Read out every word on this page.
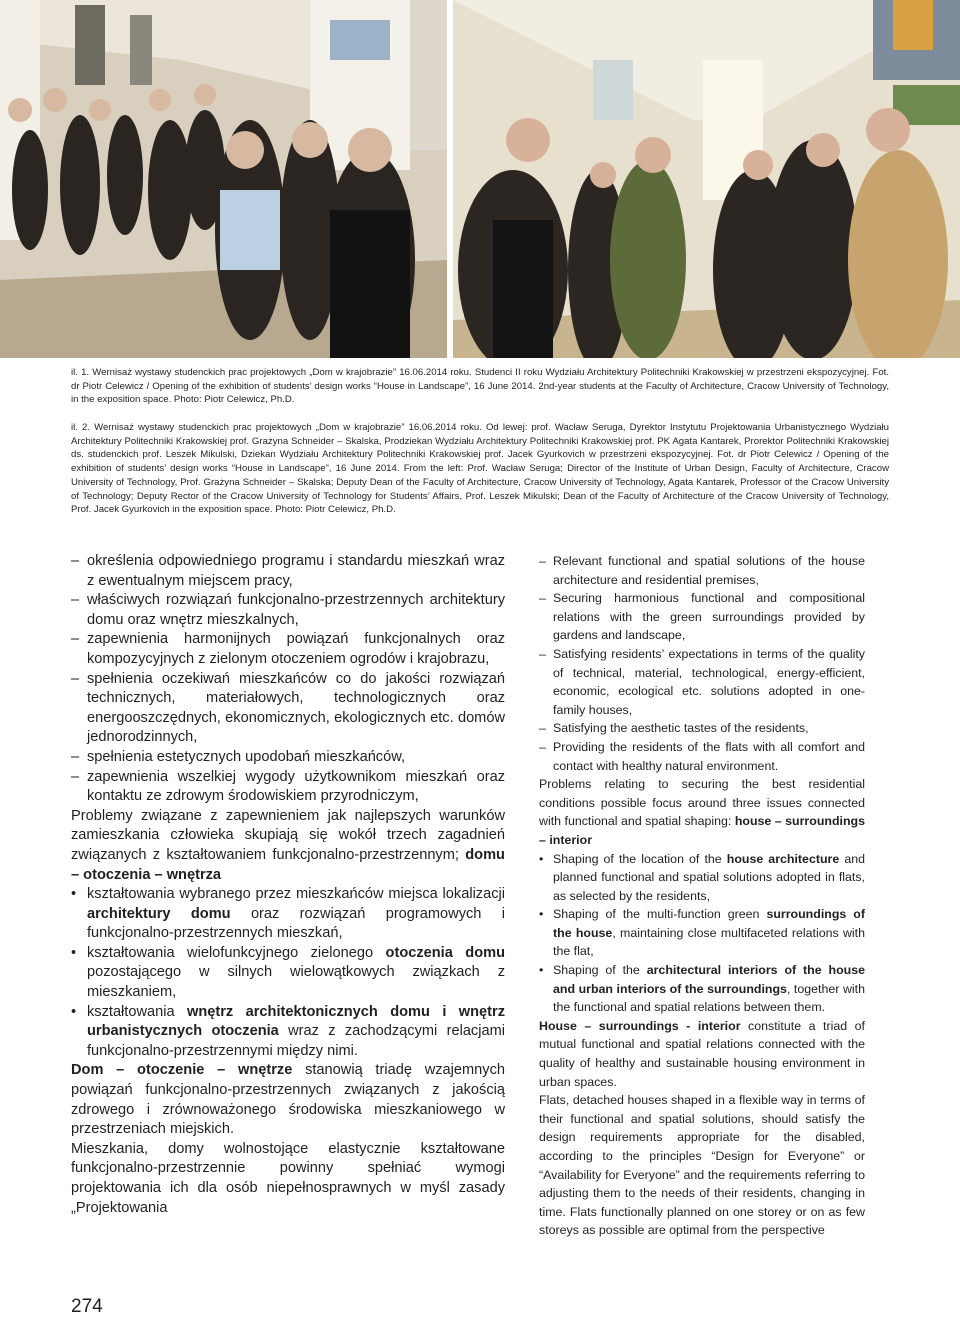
il. 1. Wernisaż wystawy studenckich prac projektowych „Dom w krajobrazie” 16.06.2014 roku. Studenci II roku Wydziału Architektury Politechniki Krakowskiej w przestrzeni ekspozycyjnej. Fot. dr Piotr Celewicz / Opening of the exhibition of students’ design works “House in Landscape”, 16 June 2014. 2nd-year students at the Faculty of Architecture, Cracow University of Technology, in the exposition space. Photo: Piotr Celewicz, Ph.D.
il. 2. Wernisaż wystawy studenckich prac projektowych „Dom w krajobrazie” 16.06.2014 roku. Od lewej: prof. Wacław Seruga, Dyrektor Instytutu Projektowania Urbanistycznego Wydziału Architektury Politechniki Krakowskiej prof. Grażyna Schneider – Skalska, Prodziekan Wydziału Architektury Politechniki Krakowskiej prof. PK Agata Kantarek, Prorektor Politechniki Krakowskiej ds. studenckich prof. Leszek Mikulski, Dziekan Wydziału Architektury Politechniki Krakowskiej prof. Jacek Gyurkovich w przestrzeni ekspozycyjnej. Fot. dr Piotr Celewicz / Opening of the exhibition of students’ design works “House in Landscape”, 16 June 2014. From the left: Prof. Wacław Seruga; Director of the Institute of Urban Design, Faculty of Architecture, Cracow University of Technology, Prof. Grażyna Schneider – Skalska; Deputy Dean of the Faculty of Architecture, Cracow University of Technology, Agata Kantarek, Professor of the Cracow University of Technology; Deputy Rector of the Cracow University of Technology for Students’ Affairs, Prof. Leszek Mikulski; Dean of the Faculty of Architecture of the Cracow University of Technology, Prof. Jacek Gyurkovich in the exposition space. Photo: Piotr Celewicz, Ph.D.
– określenia odpowiedniego programu i standardu mieszkań wraz z ewentualnym miejscem pracy,
– właściwych rozwiązań funkcjonalno-przestrzennych architektury domu oraz wnętrz mieszkalnych,
– zapewnienia harmonijnych powiązań funkcjonalnych oraz kompozycyjnych z zielonym otoczeniem ogrodów i krajobrazu,
– spełnienia oczekiwań mieszkańców co do jakości rozwiązań technicznych, materiałowych, technologicznych oraz energooszczędnych, ekonomicznych, ekologicznych etc. domów jednorodzinnych,
– spełnienia estetycznych upodobań mieszkańców,
– zapewnienia wszelkiej wygody użytkownikom mieszkań oraz kontaktu ze zdrowym środowiskiem przyrodniczym,

Problemy związane z zapewnieniem jak najlepszych warunków zamieszkania człowieka skupiają się wokół trzech zagadnień związanych z kształtowaniem funkcjonalno-przestrzennym; domu – otoczenia – wnętrza

• kształtowania wybranego przez mieszkańców miejsca lokalizacji architektury domu oraz rozwiązań programowych i funkcjonalno-przestrzennych mieszkań,
• kształtowania wielofunkcyjnego zielonego otoczenia domu pozostającego w silnych wielowątkowych związkach z mieszkaniem,
• kształtowania wnętrz architektonicznych domu i wnętrz urbanistycznych otoczenia wraz z zachodzącymi relacjami funkcjonalno-przestrzennymi między nimi.

Dom – otoczenie – wnętrze stanowią triadę wzajemnych powiązań funkcjonalno-przestrzennych związanych z jakością zdrowego i zrównoważonego środowiska mieszkaniowego w przestrzeniach miejskich.

Mieszkania, domy wolnostojące elastycznie kształtowane funkcjonalno-przestrzennie powinny spełniać wymogi projektowania ich dla osób niepełnosprawnych w myśl zasady „Projektowania

– Relevant functional and spatial solutions of the house architecture and residential premises,
– Securing harmonious functional and compositional relations with the green surroundings provided by gardens and landscape,
– Satisfying residents’ expectations in terms of the quality of technical, material, technological, energy-efficient, economic, ecological etc. solutions adopted in one-family houses,
– Satisfying the aesthetic tastes of the residents,
– Providing the residents of the flats with all comfort and contact with healthy natural environment.

Problems relating to securing the best residential conditions possible focus around three issues connected with functional and spatial shaping: house – surroundings – interior

• Shaping of the location of the house architecture and planned functional and spatial solutions adopted in flats, as selected by the residents,
• Shaping of the multi-function green surroundings of the house, maintaining close multifaceted relations with the flat,
• Shaping of the architectural interiors of the house and urban interiors of the surroundings, together with the functional and spatial relations between them.

House – surroundings - interior constitute a triad of mutual functional and spatial relations connected with the quality of healthy and sustainable housing environment in urban spaces.

Flats, detached houses shaped in a flexible way in terms of their functional and spatial solutions, should satisfy the design requirements appropriate for the disabled, according to the principles “Design for Everyone” or “Availability for Everyone” and the requirements referring to adjusting them to the needs of their residents, changing in time. Flats functionally planned on one storey or on as few storeys as possible are optimal from the perspective

274
